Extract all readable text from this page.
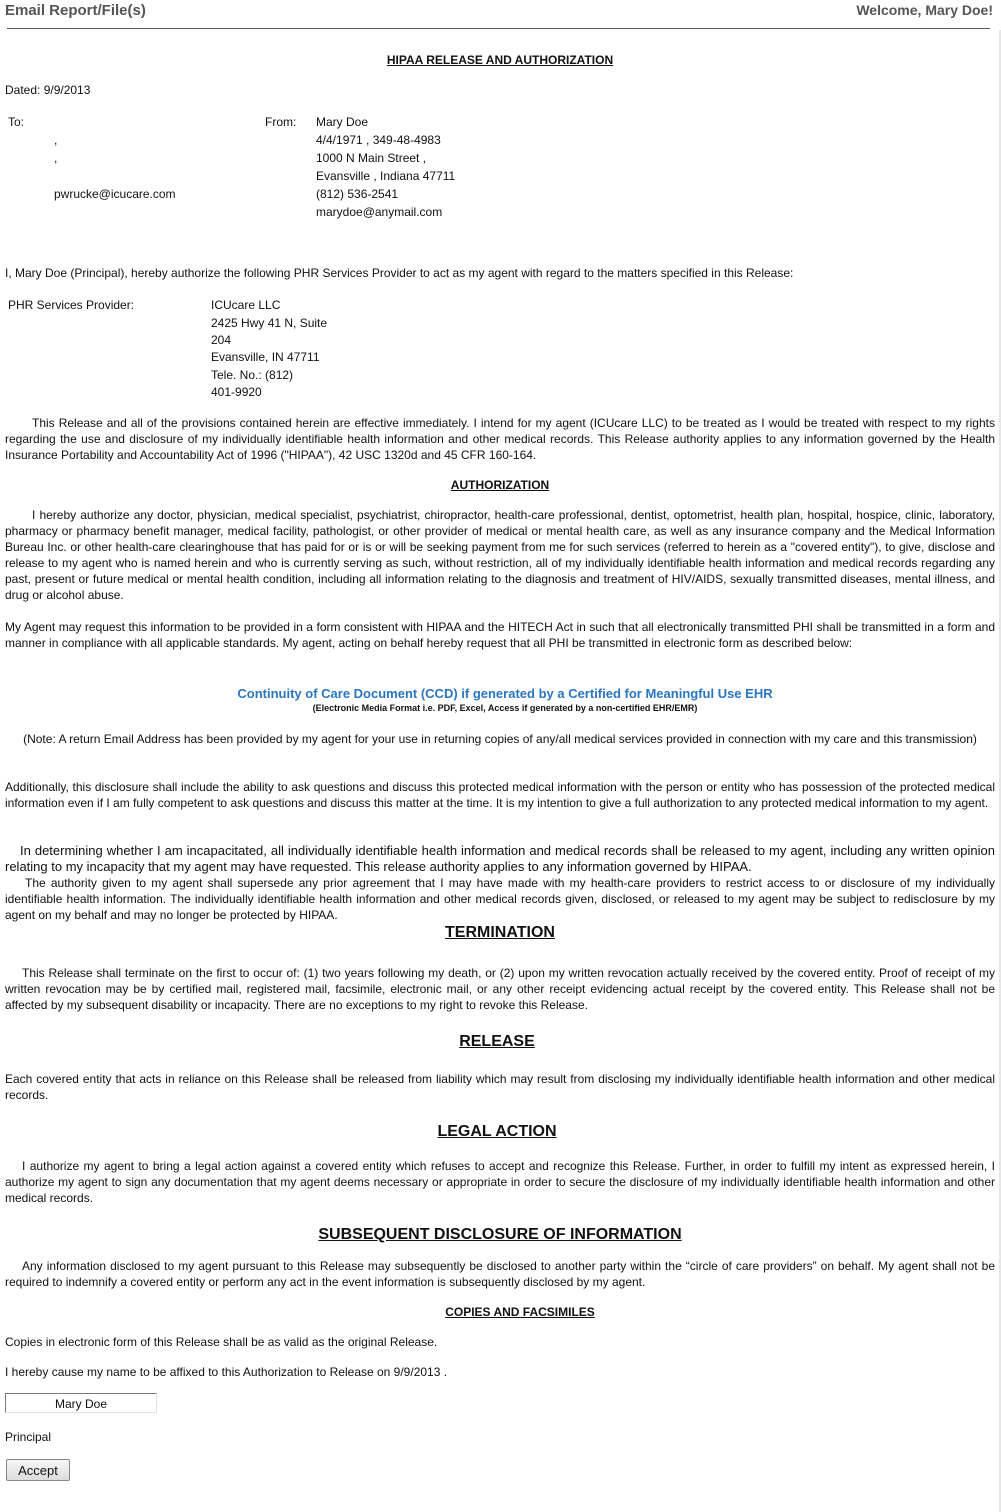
Email Report/File(s)	Welcome, Mary Doe!
HIPAA RELEASE AND AUTHORIZATION
Dated: 9/9/2013
To:
,
,
pwrucke@icucare.com
From: Mary Doe
4/4/1971 , 349-48-4983
1000 N Main Street ,
Evansville , Indiana 47711
(812) 536-2541
marydoe@anymail.com
I, Mary Doe (Principal), hereby authorize the following PHR Services Provider to act as my agent with regard to the matters specified in this Release:
PHR Services Provider:	ICUcare LLC
2425 Hwy 41 N, Suite
204
Evansville, IN 47711
Tele. No.: (812)
401-9920
This Release and all of the provisions contained herein are effective immediately. I intend for my agent (ICUcare LLC) to be treated as I would be treated with respect to my rights regarding the use and disclosure of my individually identifiable health information and other medical records. This Release authority applies to any information governed by the Health Insurance Portability and Accountability Act of 1996 ("HIPAA"), 42 USC 1320d and 45 CFR 160-164.
AUTHORIZATION
I hereby authorize any doctor, physician, medical specialist, psychiatrist, chiropractor, health-care professional, dentist, optometrist, health plan, hospital, hospice, clinic, laboratory, pharmacy or pharmacy benefit manager, medical facility, pathologist, or other provider of medical or mental health care, as well as any insurance company and the Medical Information Bureau Inc. or other health-care clearinghouse that has paid for or is or will be seeking payment from me for such services (referred to herein as a "covered entity"), to give, disclose and release to my agent who is named herein and who is currently serving as such, without restriction, all of my individually identifiable health information and medical records regarding any past, present or future medical or mental health condition, including all information relating to the diagnosis and treatment of HIV/AIDS, sexually transmitted diseases, mental illness, and drug or alcohol abuse.
My Agent may request this information to be provided in a form consistent with HIPAA and the HITECH Act in such that all electronically transmitted PHI shall be transmitted in a form and manner in compliance with all applicable standards. My agent, acting on behalf hereby request that all PHI be transmitted in electronic form as described below:
Continuity of Care Document (CCD) if generated by a Certified for Meaningful Use EHR
(Electronic Media Format i.e. PDF, Excel, Access if generated by a non-certified EHR/EMR)
(Note: A return Email Address has been provided by my agent for your use in returning copies of any/all medical services provided in connection with my care and this transmission)
Additionally, this disclosure shall include the ability to ask questions and discuss this protected medical information with the person or entity who has possession of the protected medical information even if I am fully competent to ask questions and discuss this matter at the time. It is my intention to give a full authorization to any protected medical information to my agent.
In determining whether I am incapacitated, all individually identifiable health information and medical records shall be released to my agent, including any written opinion relating to my incapacity that my agent may have requested. This release authority applies to any information governed by HIPAA.
The authority given to my agent shall supersede any prior agreement that I may have made with my health-care providers to restrict access to or disclosure of my individually identifiable health information. The individually identifiable health information and other medical records given, disclosed, or released to my agent may be subject to redisclosure by my agent on my behalf and may no longer be protected by HIPAA.
TERMINATION
This Release shall terminate on the first to occur of: (1) two years following my death, or (2) upon my written revocation actually received by the covered entity. Proof of receipt of my written revocation may be by certified mail, registered mail, facsimile, electronic mail, or any other receipt evidencing actual receipt by the covered entity. This Release shall not be affected by my subsequent disability or incapacity. There are no exceptions to my right to revoke this Release.
RELEASE
Each covered entity that acts in reliance on this Release shall be released from liability which may result from disclosing my individually identifiable health information and other medical records.
LEGAL ACTION
I authorize my agent to bring a legal action against a covered entity which refuses to accept and recognize this Release. Further, in order to fulfill my intent as expressed herein, I authorize my agent to sign any documentation that my agent deems necessary or appropriate in order to secure the disclosure of my individually identifiable health information and other medical records.
SUBSEQUENT DISCLOSURE OF INFORMATION
Any information disclosed to my agent pursuant to this Release may subsequently be disclosed to another party within the “circle of care providers” on behalf. My agent shall not be required to indemnify a covered entity or perform any act in the event information is subsequently disclosed by my agent.
COPIES AND FACSIMILES
Copies in electronic form of this Release shall be as valid as the original Release.
I hereby cause my name to be affixed to this Authorization to Release on 9/9/2013 .
Mary Doe
Principal
Accept
